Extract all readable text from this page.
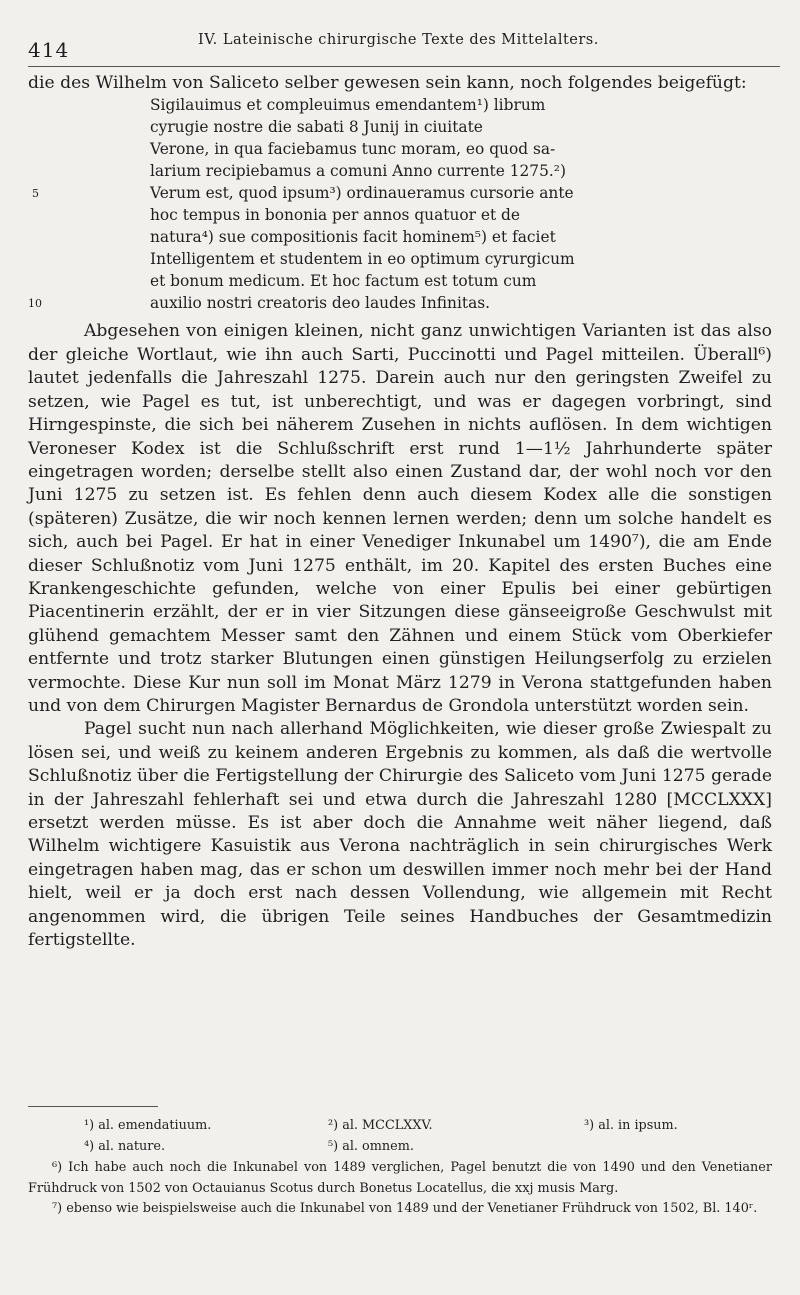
414	IV. Lateinische chirurgische Texte des Mittelalters.

die des Wilhelm von Saliceto selber gewesen sein kann, noch folgendes beigefügt:

Sigilauimus et compleuimus emendantem¹) librum
cyrugie nostre die sabati 8 Junij in ciuitate
Verone, in qua faciebamus tunc moram, eo quod sa-
larium recipiebamus a comuni Anno currente 1275.²)
5	Verum est, quod ipsum³) ordinaueramus cursorie ante
hoc tempus in bononia per annos quatuor et de
natura⁴) sue compositionis facit hominem⁵) et faciet
Intelligentem et studentem in eo optimum cyrurgicum
et bonum medicum. Et hoc factum est totum cum
10	auxilio nostri creatoris deo laudes Infinitas.

Abgesehen von einigen kleinen, nicht ganz unwichtigen Varianten ist das also der gleiche Wortlaut, wie ihn auch Sarti, Puccinotti und Pagel mitteilen. Überall⁶) lautet jedenfalls die Jahreszahl 1275. Darein auch nur den geringsten Zweifel zu setzen, wie Pagel es tut, ist unberechtigt, und was er dagegen vorbringt, sind Hirngespinste, die sich bei näherem Zusehen in nichts auflösen. In dem wichtigen Veroneser Kodex ist die Schlußschrift erst rund 1—1½ Jahrhunderte später eingetragen worden; derselbe stellt also einen Zustand dar, der wohl noch vor den Juni 1275 zu setzen ist. Es fehlen denn auch diesem Kodex alle die sonstigen (späteren) Zusätze, die wir noch kennen lernen werden; denn um solche handelt es sich, auch bei Pagel. Er hat in einer Venediger Inkunabel um 1490⁷), die am Ende dieser Schlußnotiz vom Juni 1275 enthält, im 20. Kapitel des ersten Buches eine Krankengeschichte gefunden, welche von einer Epulis bei einer gebürtigen Piacentinerin erzählt, der er in vier Sitzungen diese gänseeigroße Geschwulst mit glühend gemachtem Messer samt den Zähnen und einem Stück vom Oberkiefer entfernte und trotz starker Blutungen einen günstigen Heilungserfolg zu erzielen vermochte. Diese Kur nun soll im Monat März 1279 in Verona stattgefunden haben und von dem Chirurgen Magister Bernardus de Grondola unterstützt worden sein.

Pagel sucht nun nach allerhand Möglichkeiten, wie dieser große Zwiespalt zu lösen sei, und weiß zu keinem anderen Ergebnis zu kommen, als daß die wertvolle Schlußnotiz über die Fertigstellung der Chirurgie des Saliceto vom Juni 1275 gerade in der Jahreszahl fehlerhaft sei und etwa durch die Jahreszahl 1280 [MCCLXXX] ersetzt werden müsse. Es ist aber doch die Annahme weit näher liegend, daß Wilhelm wichtigere Kasuistik aus Verona nachträglich in sein chirurgisches Werk eingetragen haben mag, das er schon um deswillen immer noch mehr bei der Hand hielt, weil er ja doch erst nach dessen Vollendung, wie allgemein mit Recht angenommen wird, die übrigen Teile seines Handbuches der Gesamtmedizin fertigstellte.

¹) al. emendatiuum.	²) al. MCCLXXV.	³) al. in ipsum.
⁴) al. nature.	⁵) al. omnem.

⁶) Ich habe auch noch die Inkunabel von 1489 verglichen, Pagel benutzt die von 1490 und den Venetianer Frühdruck von 1502 von Octauianus Scotus durch Bonetus Locatellus, die xxj musis Marg.

⁷) ebenso wie beispielsweise auch die Inkunabel von 1489 und der Venetianer Frühdruck von 1502, Bl. 140ʳ.
